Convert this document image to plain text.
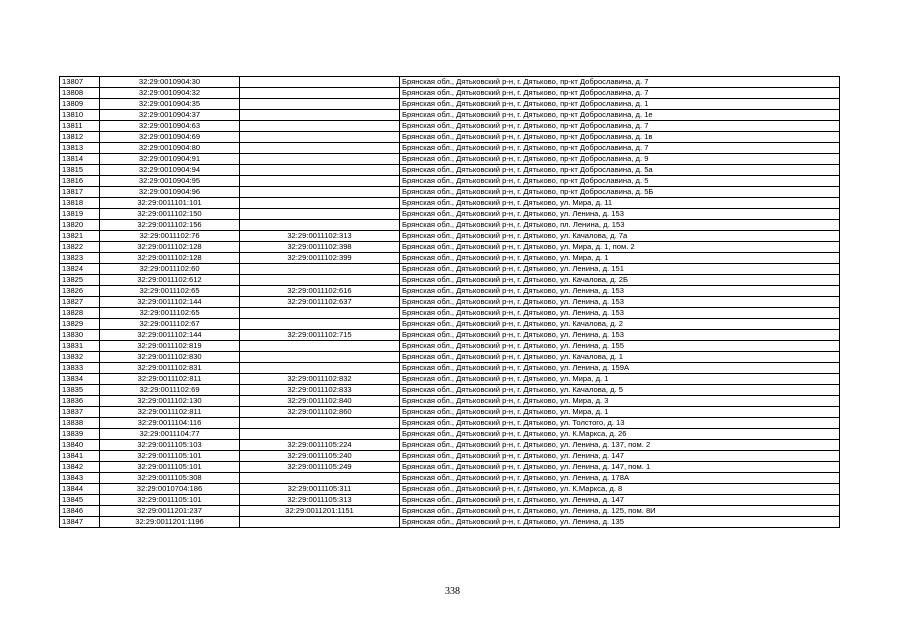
13807	32:29:0010904:30		Брянская обл., Дятьковский р-н, г. Дятьково, пр-кт Доброславина, д. 7
13808	32:29:0010904:32		Брянская обл., Дятьковский р-н, г. Дятьково, пр-кт Доброславина, д. 7
13809	32:29:0010904:35		Брянская обл., Дятьковский р-н, г. Дятьково, пр-кт Доброславина, д. 1
13810	32:29:0010904:37		Брянская обл., Дятьковский р-н, г. Дятьково, пр-кт Доброславина, д. 1е
13811	32:29:0010904:63		Брянская обл., Дятьковский р-н, г. Дятьково, пр-кт Доброславина, д. 7
13812	32:29:0010904:69		Брянская обл., Дятьковский р-н, г. Дятьково, пр-кт Доброславина, д. 1в
13813	32:29:0010904:80		Брянская обл., Дятьковский р-н, г. Дятьково, пр-кт Доброславина, д. 7
13814	32:29:0010904:91		Брянская обл., Дятьковский р-н, г. Дятьково, пр-кт Доброславина, д. 9
13815	32:29:0010904:94		Брянская обл., Дятьковский р-н, г. Дятьково, пр-кт Доброславина, д. 5а
13816	32:29:0010904:95		Брянская обл., Дятьковский р-н, г. Дятьково, пр-кт Доброславина, д. 5
13817	32:29:0010904:96		Брянская обл., Дятьковский р-н, г. Дятьково, пр-кт Доброславина, д. 5Б
13818	32:29:0011101:101		Брянская обл., Дятьковский р-н, г. Дятьково, ул. Мира, д. 11
13819	32:29:0011102:150		Брянская обл., Дятьковский р-н, г. Дятьково, ул. Ленина, д. 153
13820	32:29:0011102:156		Брянская обл., Дятьковский р-н, г. Дятьково, пл. Ленина, д. 153
13821	32:29:0011102:76	32:29:0011102:313	Брянская обл., Дятьковский р-н, г. Дятьково, ул. Качалова, д. 7а
13822	32:29:0011102:128	32:29:0011102:398	Брянская обл., Дятьковский р-н, г. Дятьково, ул. Мира, д. 1, пом. 2
13823	32:29:0011102:128	32:29:0011102:399	Брянская обл., Дятьковский р-н, г. Дятьково, ул. Мира, д. 1
13824	32:29:0011102:60		Брянская обл., Дятьковский р-н, г. Дятьково, ул. Ленина, д. 151
13825	32:29:0011102:612		Брянская обл., Дятьковский р-н, г. Дятьково, ул. Качалова, д. 2Б
13826	32:29:0011102:65	32:29:0011102:616	Брянская обл., Дятьковский р-н, г. Дятьково, ул. Ленина, д. 153
13827	32:29:0011102:144	32:29:0011102:637	Брянская обл., Дятьковский р-н, г. Дятьково, ул. Ленина, д. 153
13828	32:29:0011102:65		Брянская обл., Дятьковский р-н, г. Дятьково, ул. Ленина, д. 153
13829	32:29:0011102:67		Брянская обл., Дятьковский р-н, г. Дятьково, ул. Качалова, д. 2
13830	32:29:0011102:144	32:29:0011102:715	Брянская обл., Дятьковский р-н, г. Дятьково, ул. Ленина, д. 153
13831	32:29:0011102:819		Брянская обл., Дятьковский р-н, г. Дятьково, ул. Ленина, д. 155
13832	32:29:0011102:830		Брянская обл., Дятьковский р-н, г. Дятьково, ул. Качалова, д. 1
13833	32:29:0011102:831		Брянская обл., Дятьковский р-н, г. Дятьково, ул. Ленина, д. 159А
13834	32:29:0011102:811	32:29:0011102:832	Брянская обл., Дятьковский р-н, г. Дятьково, ул. Мира, д. 1
13835	32:29:0011102:69	32:29:0011102:833	Брянская обл., Дятьковский р-н, г. Дятьково, ул. Качалова, д. 5
13836	32:29:0011102:130	32:29:0011102:840	Брянская обл., Дятьковский р-н, г. Дятьково, ул. Мира, д. 3
13837	32:29:0011102:811	32:29:0011102:860	Брянская обл., Дятьковский р-н, г. Дятьково, ул. Мира, д. 1
13838	32:29:0011104:116		Брянская обл., Дятьковский р-н, г. Дятьково, ул. Толстого, д. 13
13839	32:29:0011104:77		Брянская обл., Дятьковский р-н, г. Дятьково, ул. К.Маркса, д. 26
13840	32:29:0011105:103	32:29:0011105:224	Брянская обл., Дятьковский р-н, г. Дятьково, ул. Ленина, д. 137, пом. 2
13841	32:29:0011105:101	32:29:0011105:240	Брянская обл., Дятьковский р-н, г. Дятьково, ул. Ленина, д. 147
13842	32:29:0011105:101	32:29:0011105:249	Брянская обл., Дятьковский р-н, г. Дятьково, ул. Ленина, д. 147, пом. 1
13843	32:29:0011105:308		Брянская обл., Дятьковский р-н, г. Дятьково, ул. Ленина, д. 178А
13844	32:29:0010704:186	32:29:0011105:311	Брянская обл., Дятьковский р-н, г. Дятьково, ул. К.Маркса, д. 8
13845	32:29:0011105:101	32:29:0011105:313	Брянская обл., Дятьковский р-н, г. Дятьково, ул. Ленина, д. 147
13846	32:29:0011201:237	32:29:0011201:1151	Брянская обл., Дятьковский р-н, г. Дятьково, ул. Ленина, д. 125, пом. 8И
13847	32:29:0011201:1196		Брянская обл., Дятьковский р-н, г. Дятьково, ул. Ленина, д. 135
338
